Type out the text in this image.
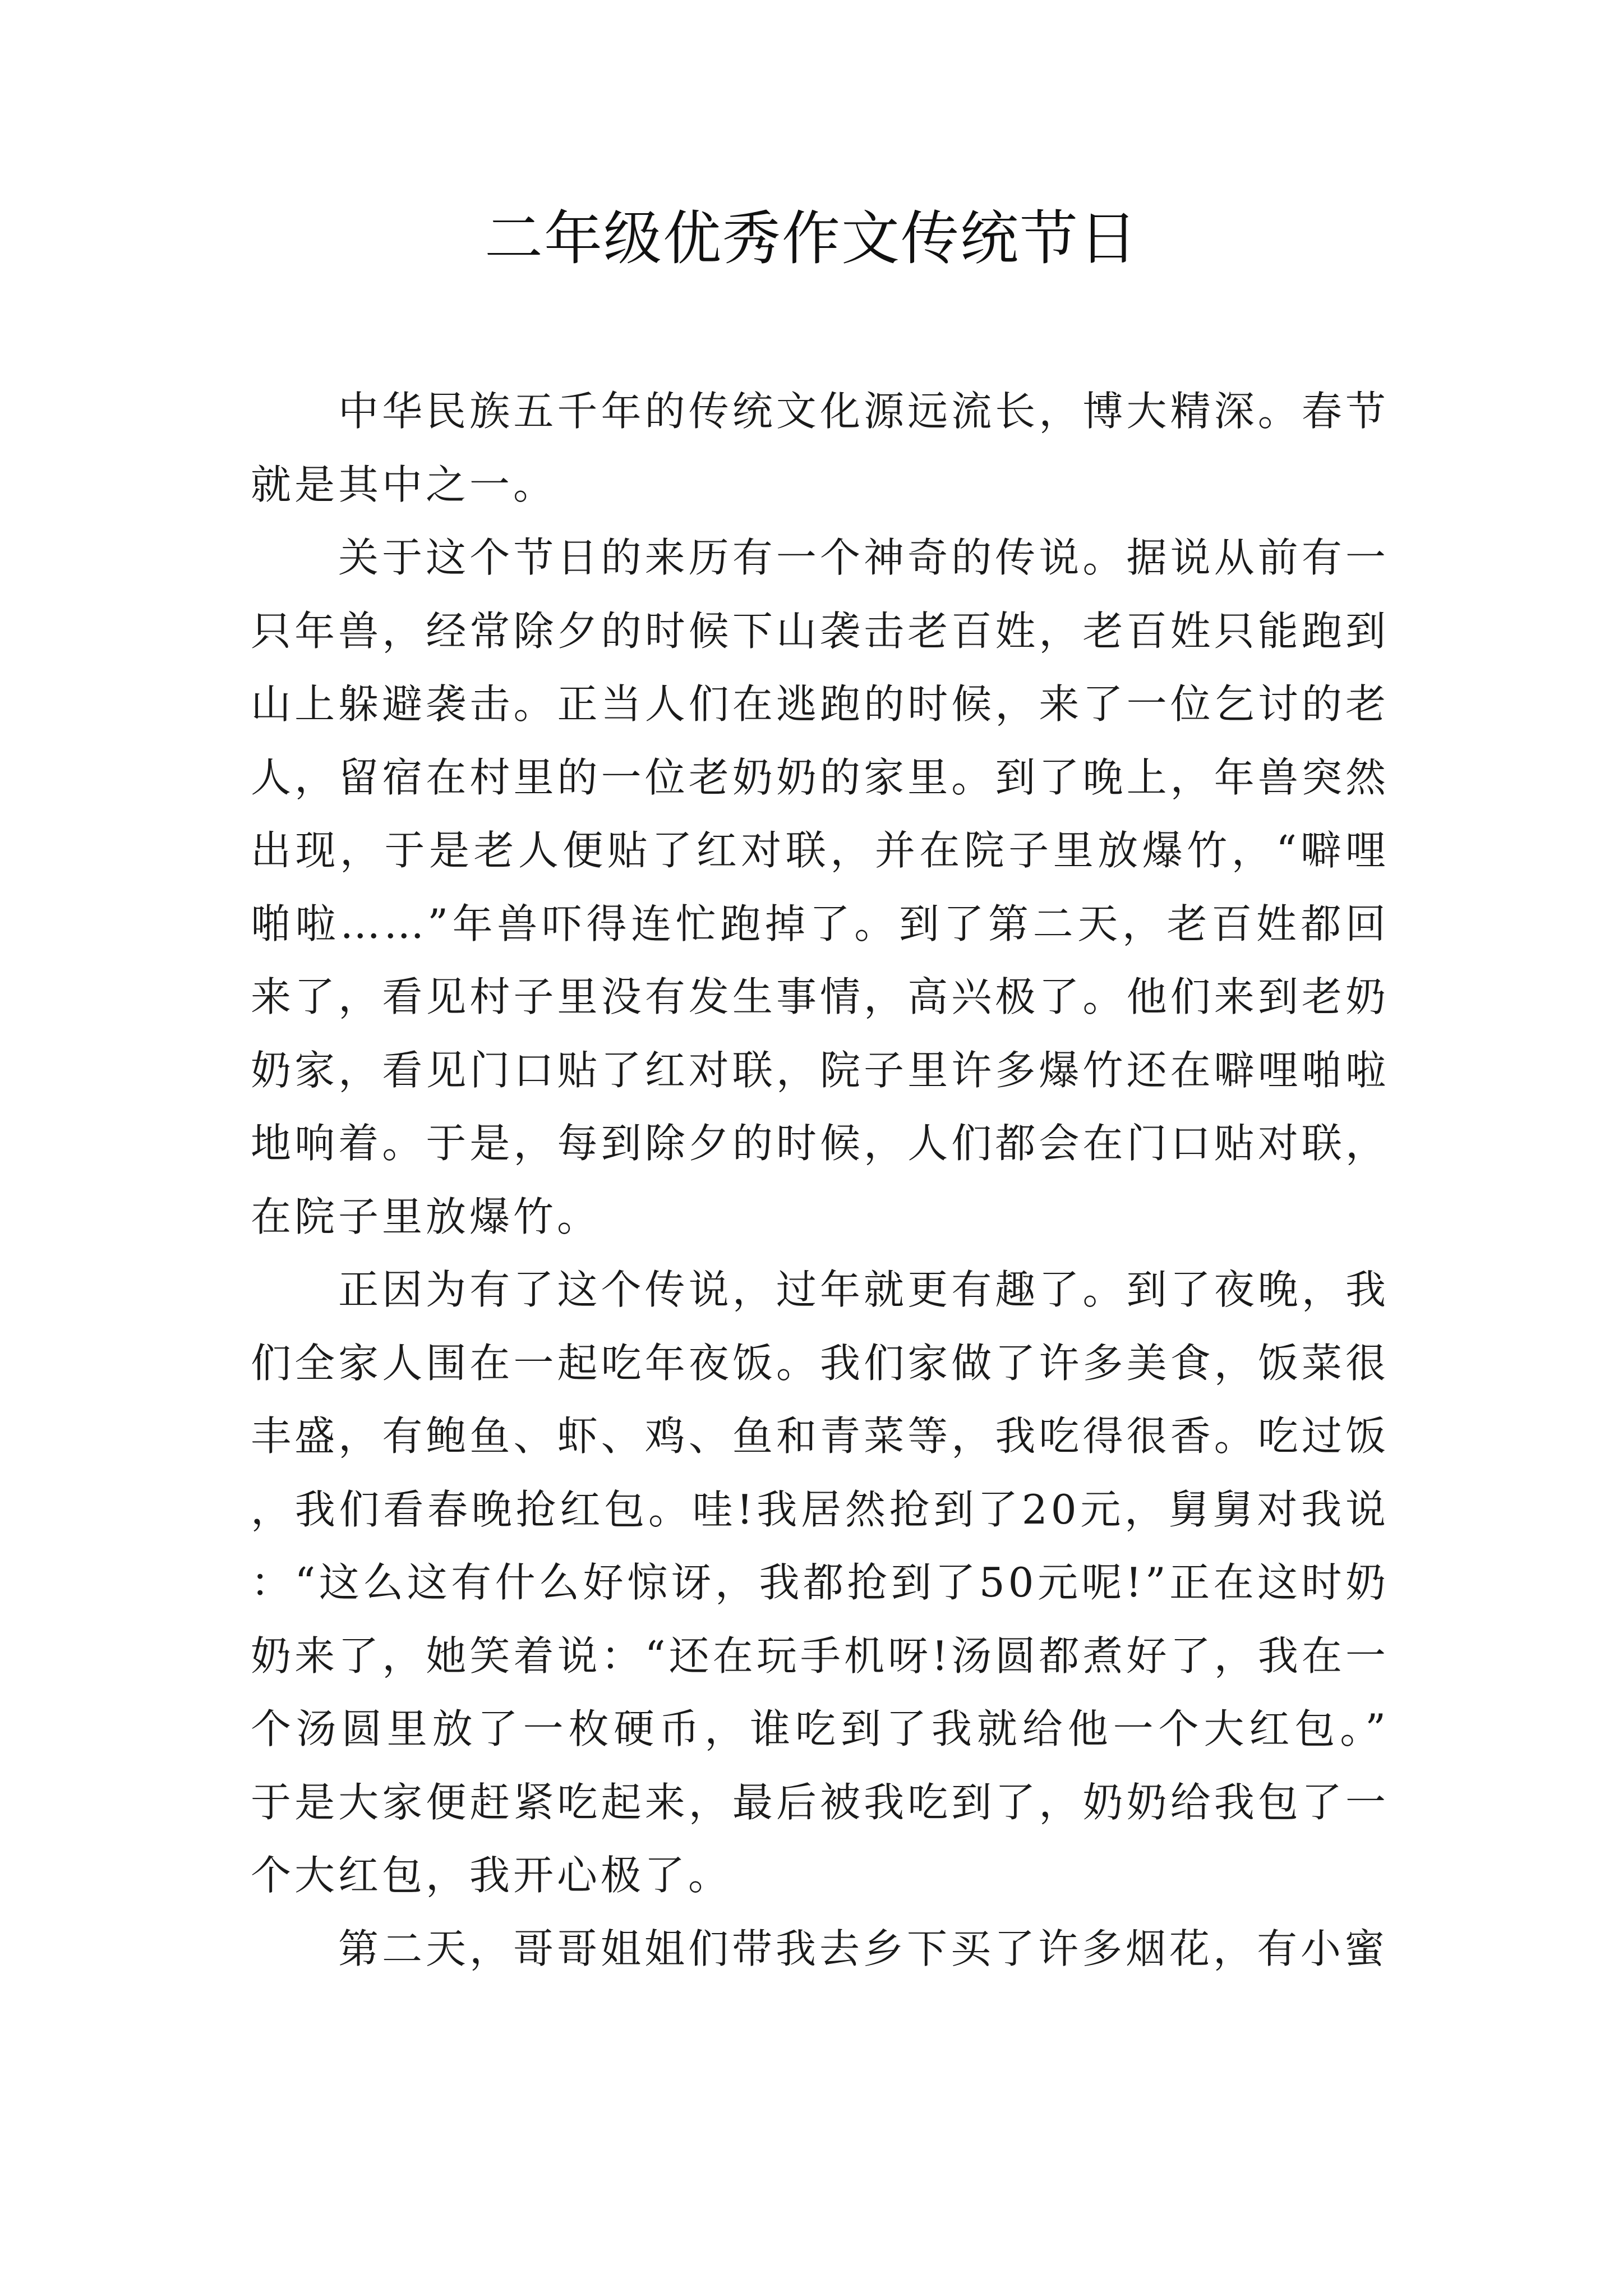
二年级优秀作文传统节日

中华民族五千年的传统文化源远流长，博大精深。春节就是其中之一。

关于这个节日的来历有一个神奇的传说。据说从前有一只年兽，经常除夕的时候下山袭击老百姓，老百姓只能跑到山上躲避袭击。正当人们在逃跑的时候，来了一位乞讨的老人，留宿在村里的一位老奶奶的家里。到了晚上，年兽突然出现，于是老人便贴了红对联，并在院子里放爆竹，“噼哩啪啦……”年兽吓得连忙跑掉了。到了第二天，老百姓都回来了，看见村子里没有发生事情，高兴极了。他们来到老奶奶家，看见门口贴了红对联，院子里许多爆竹还在噼哩啪啦地响着。于是，每到除夕的时候，人们都会在门口贴对联，在院子里放爆竹。

正因为有了这个传说，过年就更有趣了。到了夜晚，我们全家人围在一起吃年夜饭。我们家做了许多美食，饭菜很丰盛，有鲍鱼、虾、鸡、鱼和青菜等，我吃得很香。吃过饭，我们看春晚抢红包。哇!我居然抢到了20元，舅舅对我说：“这么这有什么好惊讶，我都抢到了50元呢!”正在这时奶奶来了，她笑着说：“还在玩手机呀!汤圆都煮好了，我在一个汤圆里放了一枚硬币，谁吃到了我就给他一个大红包。”于是大家便赶紧吃起来，最后被我吃到了，奶奶给我包了一个大红包，我开心极了。

第二天，哥哥姐姐们带我去乡下买了许多烟花，有小蜜
